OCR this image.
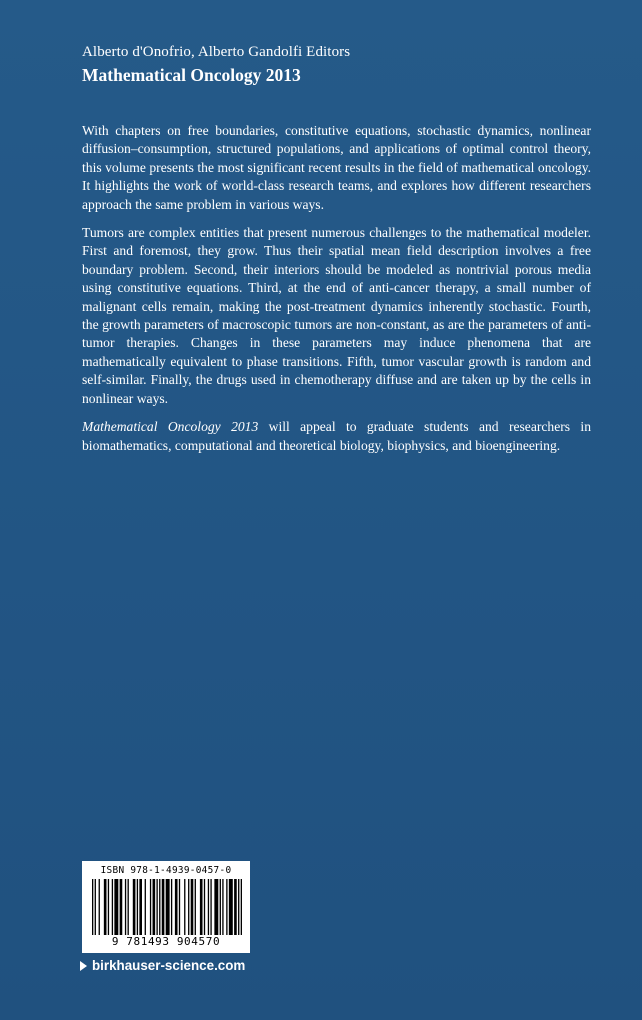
Alberto d'Onofrio, Alberto Gandolfi Editors
Mathematical Oncology 2013

With chapters on free boundaries, constitutive equations, stochastic dynamics, nonlinear diffusion–consumption, structured populations, and applications of optimal control theory, this volume presents the most significant recent results in the field of mathematical oncology. It highlights the work of world-class research teams, and explores how different researchers approach the same problem in various ways.

Tumors are complex entities that present numerous challenges to the mathematical modeler. First and foremost, they grow. Thus their spatial mean field description involves a free boundary problem. Second, their interiors should be modeled as nontrivial porous media using constitutive equations. Third, at the end of anti-cancer therapy, a small number of malignant cells remain, making the post-treatment dynamics inherently stochastic. Fourth, the growth parameters of macroscopic tumors are non-constant, as are the parameters of anti-tumor therapies. Changes in these parameters may induce phenomena that are mathematically equivalent to phase transitions. Fifth, tumor vascular growth is random and self-similar. Finally, the drugs used in chemotherapy diffuse and are taken up by the cells in nonlinear ways.

Mathematical Oncology 2013 will appeal to graduate students and researchers in biomathematics, computational and theoretical biology, biophysics, and bioengineering.

ISBN 978-1-4939-0457-0
9 781493 904570
birkhauser-science.com
